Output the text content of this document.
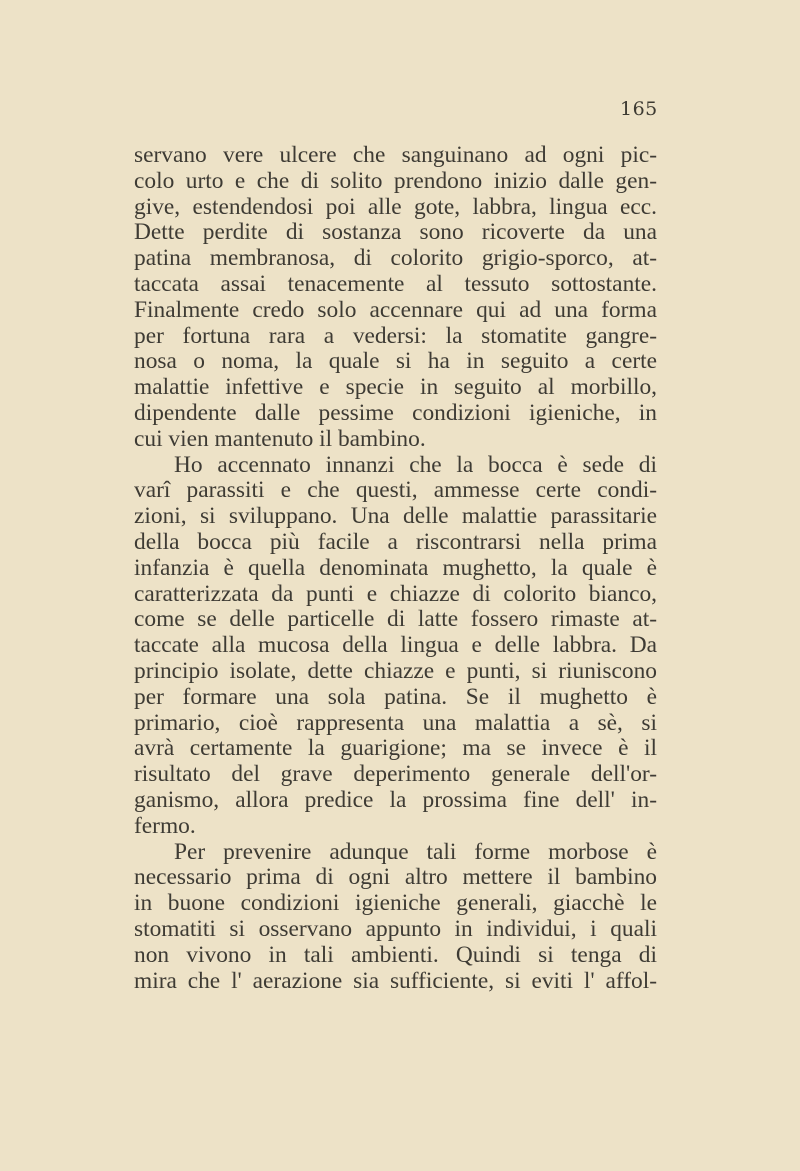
165
servano vere ulcere che sanguinano ad ogni pic-
colo urto e che di solito prendono inizio dalle gen-
give, estendendosi poi alle gote, labbra, lingua ecc.
Dette perdite di sostanza sono ricoverte da una
patina membranosa, di colorito grigio-sporco, at-
taccata assai tenacemente al tessuto sottostante.
Finalmente credo solo accennare qui ad una forma
per fortuna rara a vedersi: la stomatite gangre-
nosa o noma, la quale si ha in seguito a certe
malattie infettive e specie in seguito al morbillo,
dipendente dalle pessime condizioni igieniche, in
cui vien mantenuto il bambino.
Ho accennato innanzi che la bocca è sede di
varî parassiti e che questi, ammesse certe condi-
zioni, si sviluppano. Una delle malattie parassitarie
della bocca più facile a riscontrarsi nella prima
infanzia è quella denominata mughetto, la quale è
caratterizzata da punti e chiazze di colorito bianco,
come se delle particelle di latte fossero rimaste at-
taccate alla mucosa della lingua e delle labbra. Da
principio isolate, dette chiazze e punti, si riuniscono
per formare una sola patina. Se il mughetto è
primario, cioè rappresenta una malattia a sè, si
avrà certamente la guarigione; ma se invece è il
risultato del grave deperimento generale dell'or-
ganismo, allora predice la prossima fine dell' in-
fermo.
Per prevenire adunque tali forme morbose è
necessario prima di ogni altro mettere il bambino
in buone condizioni igieniche generali, giacchè le
stomatiti si osservano appunto in individui, i quali
non vivono in tali ambienti. Quindi si tenga di
mira che l' aerazione sia sufficiente, si eviti l' affol-
